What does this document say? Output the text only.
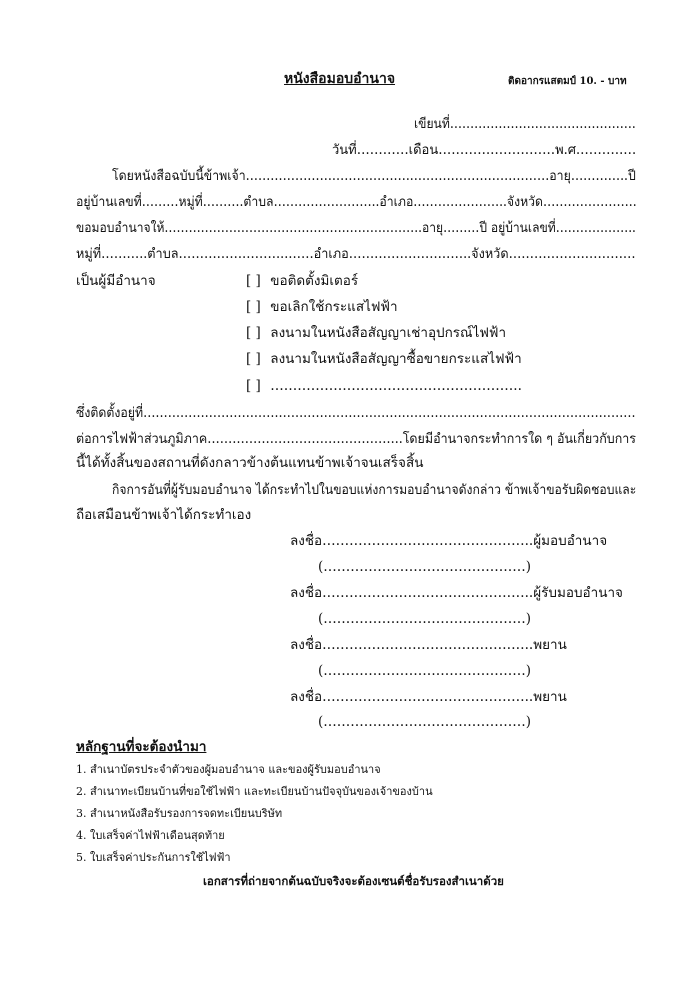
หนังสือมอบอำนาจ	ติดอากรแสตมป์ 10. - บาท
เขียนที่……………………………………….
วันที่…………เดือน………………………พ.ศ.……….…
โดยหนังสือฉบับนี้ข้าพเจ้า…………………………………..……………………………อายุ…………..ปี
อยู่บ้านเลขที่………หมู่ที่……….ตำบล……………………..อำเภอ…………………..จังหวัด…………………..
ขอมอบอำนาจให้……………………………………………………….อายุ………ปี อยู่บ้านเลขที่………………..
หมู่ที่………..ตำบล……………………..……อำเภอ………………………..จังหวัด…………………………
เป็นผู้มีอำนาจ	[ ] ขอติดตั้งมิเตอร์
[ ] ขอเลิกใช้กระแสไฟฟ้า
[ ] ลงนามในหนังสือสัญญาเช่าอุปกรณ์ไฟฟ้า
[ ] ลงนามในหนังสือสัญญาซื้อขายกระแสไฟฟ้า
[ ] ………………………………………………..
ซึ่งติดตั้งอยู่ที่…………………………………………………………………………………………………………
ต่อการไฟฟ้าส่วนภูมิภาค………………………………………..โดยมีอำนาจกระทำการใด ๆ อันเกี่ยวกับการ
นี้ได้ทั้งสิ้นของสถานที่ดังกลาวข้างต้นแทนข้าพเจ้าจนเสร็จสิ้น
กิจการอันที่ผู้รับมอบอำนาจ ได้กระทำไปในขอบแห่งการมอบอำนาจดังกล่าว ข้าพเจ้าขอรับผิดชอบและ
ถือเสมือนข้าพเจ้าได้กระทำเอง
ลงชื่อ………………………………………..ผู้มอบอำนาจ
(………………………………………)
ลงชื่อ………………………………………..ผู้รับมอบอำนาจ
(………………………………………)
ลงชื่อ………………………………………..พยาน
(………………………………………)
ลงชื่อ………………………………………..พยาน
(………………………………………)
หลักฐานที่จะต้องนำมา
1. สำเนาบัตรประจำตัวของผู้มอบอำนาจ และของผู้รับมอบอำนาจ
2. สำเนาทะเบียนบ้านที่ขอใช้ไฟฟ้า และทะเบียนบ้านปัจจุบันของเจ้าของบ้าน
3. สำเนาหนังสือรับรองการจดทะเบียนบริษัท
4. ใบเสร็จค่าไฟฟ้าเดือนสุดท้าย
5. ใบเสร็จค่าประกันการใช้ไฟฟ้า
เอกสารที่ถ่ายจากต้นฉบับจริงจะต้องเซนต์ชื่อรับรองสำเนาด้วย
